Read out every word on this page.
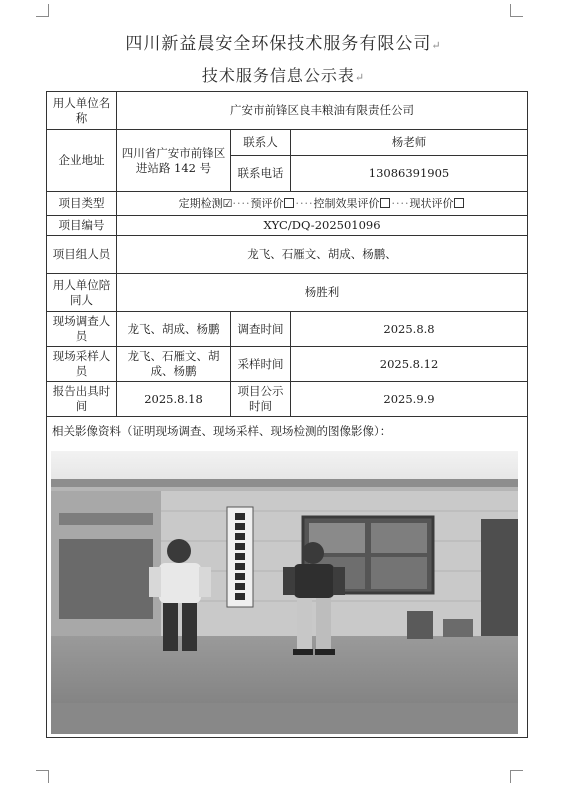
四川新益晨安全环保技术服务有限公司↵
技术服务信息公示表↵
用人单位名称	广安市前锋区良丰粮油有限责任公司		
企业地址	四川省广安市前锋区进站路 142 号	联系人	杨老师
		联系电话	13086391905
项目类型	定期检测☑····预评价 ····控制效果评价 ····现状评价		
项目编号	XYC/DQ-202501096		
项目组人员	龙飞、石雁文、胡成、杨鹏、		
用人单位陪同人	杨胜利		
现场调查人员	龙飞、胡成、杨鹏	调查时间	2025.8.8
现场采样人员	龙飞、石雁文、胡成、杨鹏	采样时间	2025.8.12
报告出具时间	2025.8.18	项目公示时间	2025.9.9

相关影像资料（证明现场调查、现场采样、现场检测的图像影像）：			
